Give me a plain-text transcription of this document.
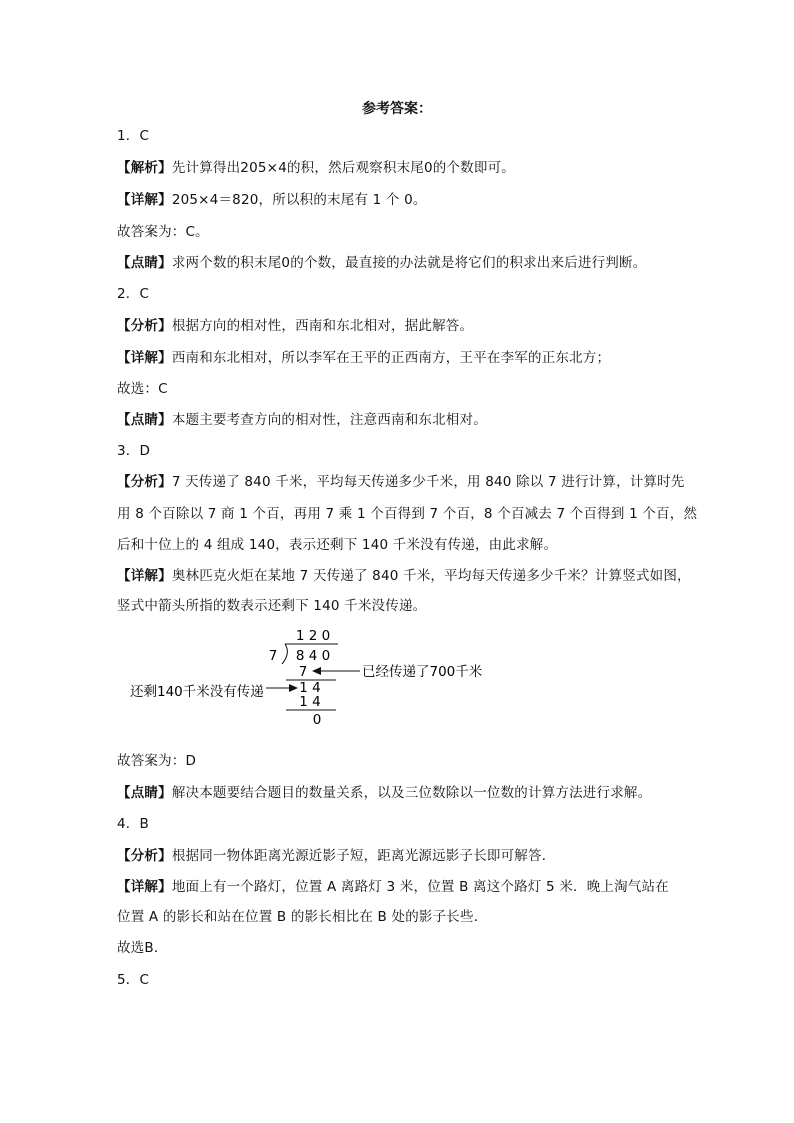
参考答案：
1．C
【解析】先计算得出205×4的积，然后观察积末尾0的个数即可。
【详解】205×4＝820，所以积的末尾有 1 个 0。
故答案为：C。
【点睛】求两个数的积末尾0的个数，最直接的办法就是将它们的积求出来后进行判断。
2．C
【分析】根据方向的相对性，西南和东北相对，据此解答。
【详解】西南和东北相对，所以李军在王平的正西南方，王平在李军的正东北方；
故选：C
【点睛】本题主要考查方向的相对性，注意西南和东北相对。
3．D
【分析】7 天传递了 840 千米，平均每天传递多少千米，用 840 除以 7 进行计算，计算时先
用 8 个百除以 7 商 1 个百，再用 7 乘 1 个百得到 7 个百，8 个百减去 7 个百得到 1 个百，然
后和十位上的 4 组成 140，表示还剩下 140 千米没有传递，由此求解。
【详解】奥林匹克火炬在某地 7 天传递了 840 千米，平均每天传递多少千米？计算竖式如图，
竖式中箭头所指的数表示还剩下 140 千米没传递。
1 2 0
7 8 4 0
7
1 4
1 4
0
已经传递了700千米
还剩140千米没有传递
故答案为：D
【点睛】解决本题要结合题目的数量关系，以及三位数除以一位数的计算方法进行求解。
4．B
【分析】根据同一物体距离光源近影子短，距离光源远影子长即可解答．
【详解】地面上有一个路灯，位置 A 离路灯 3 米，位置 B 离这个路灯 5 米．晚上淘气站在
位置 A 的影长和站在位置 B 的影长相比在 B 处的影子长些．
故选B．
5．C
